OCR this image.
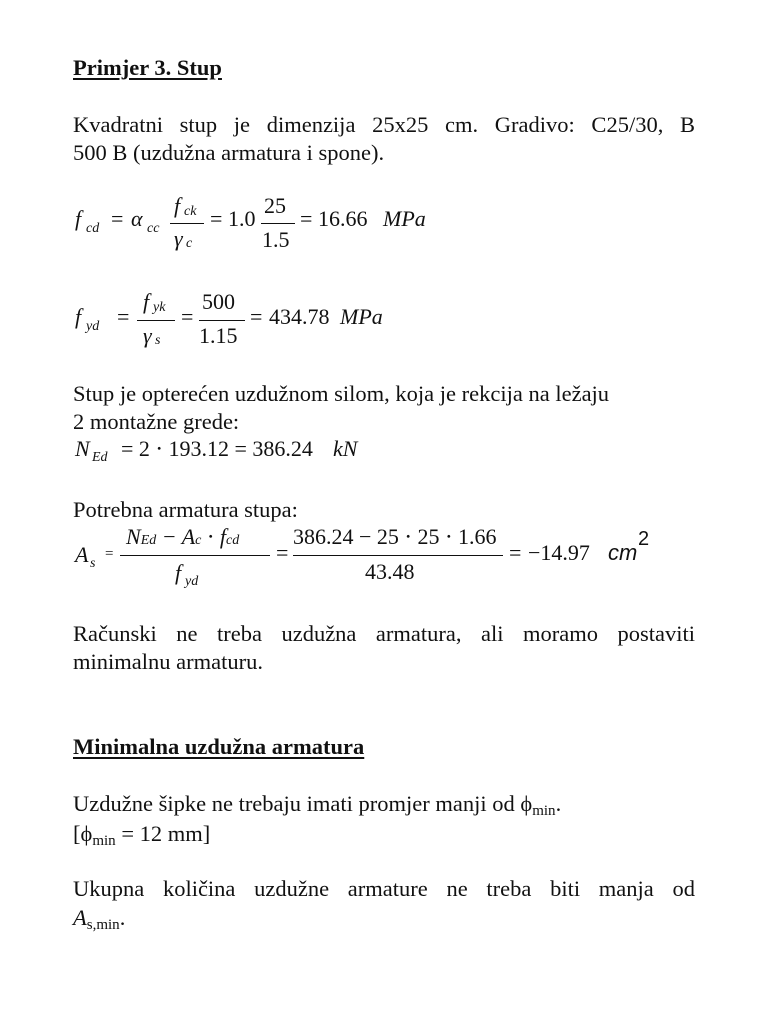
Primjer 3. Stup
Kvadratni stup je dimenzija 25x25 cm. Gradivo: C25/30, B
500 B (uzdužna armatura i spone).
f cd = α cc
f ck
γ c
= 1.0
25
1.5
= 16.66 MPa
f yd =
f yk
γ s
=
500
1.15
= 434.78 MPa
Stup je opterećen uzdužnom silom, koja je rekcija na ležaju
2 montažne grede:
N Ed = 2 ⋅ 193.12 = 386.24 kN
Potrebna armatura stupa:
A s
=
NEd − Ac ⋅ fcd
f yd
=
386.24 − 25 ⋅ 25 ⋅ 1.66
43.48
= −14.97 cm
2
Računski ne treba uzdužna armatura, ali moramo postaviti
minimalnu armaturu.
Minimalna uzdužna armatura
Uzdužne šipke ne trebaju imati promjer manji od ϕmin.
[ϕmin = 12 mm]
Ukupna količina uzdužne armature ne treba biti manja od
As,min.
